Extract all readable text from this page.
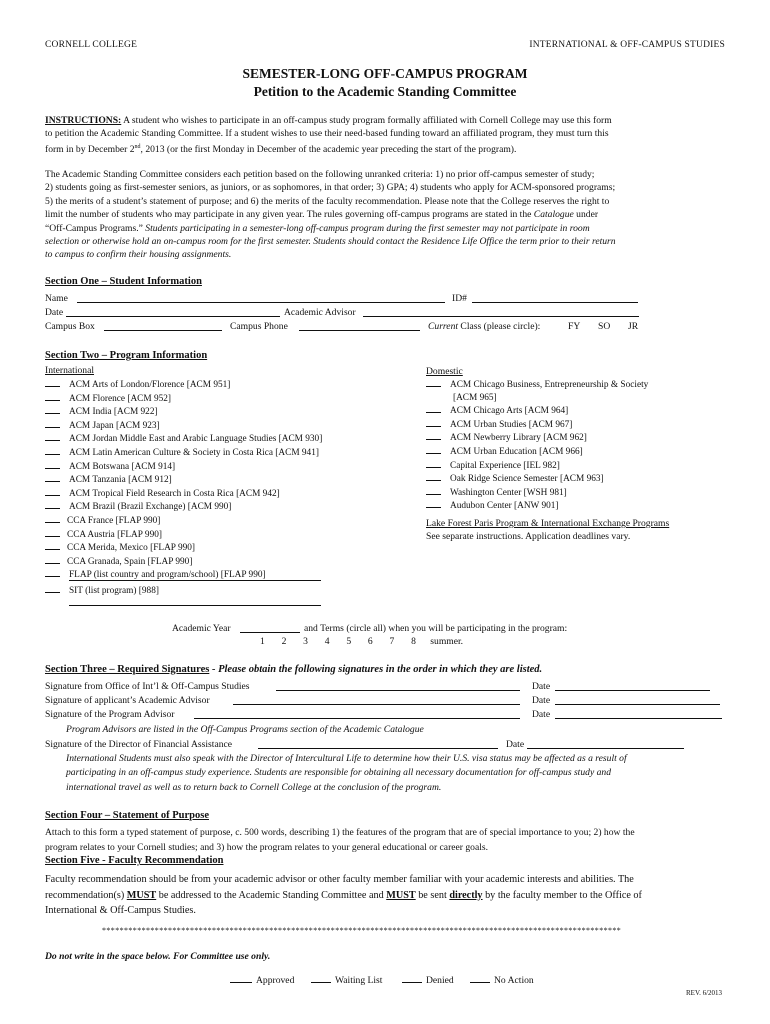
CORNELL COLLEGE	INTERNATIONAL & OFF-CAMPUS STUDIES
SEMESTER-LONG OFF-CAMPUS PROGRAM
Petition to the Academic Standing Committee
INSTRUCTIONS: A student who wishes to participate in an off-campus study program formally affiliated with Cornell College may use this form
to petition the Academic Standing Committee. If a student wishes to use their need-based funding toward an affiliated program, they must turn this
form in by December 2nd, 2013 (or the first Monday in December of the academic year preceding the start of the program).
The Academic Standing Committee considers each petition based on the following unranked criteria: 1) no prior off-campus semester of study;
2) students going as first-semester seniors, as juniors, or as sophomores, in that order; 3) GPA; 4) students who apply for ACM-sponsored programs;
5) the merits of a student’s statement of purpose; and 6) the merits of the faculty recommendation. Please note that the College reserves the right to
limit the number of students who may participate in any given year. The rules governing off-campus programs are stated in the Catalogue under
“Off-Campus Programs.” Students participating in a semester-long off-campus program during the first semester may not participate in room
selection or otherwise hold an on-campus room for the first semester. Students should contact the Residence Life Office the term prior to their return
to campus to confirm their housing assignments.
Section One – Student Information
Name	ID#
Date	Academic Advisor
Campus Box	Campus Phone	Current Class (please circle):	FY SO JR
Section Two – Program Information
International
ACM Arts of London/Florence [ACM 951]
ACM Florence [ACM 952]
ACM India [ACM 922]
ACM Japan [ACM 923]
ACM Jordan Middle East and Arabic Language Studies [ACM 930]
ACM Latin American Culture & Society in Costa Rica [ACM 941]
ACM Botswana [ACM 914]
ACM Tanzania [ACM 912]
ACM Tropical Field Research in Costa Rica [ACM 942]
ACM Brazil (Brazil Exchange) [ACM 990]
CCA France [FLAP 990]
CCA Austria [FLAP 990]
CCA Merida, Mexico [FLAP 990]
CCA Granada, Spain [FLAP 990]
FLAP (list country and program/school) [FLAP 990]
SIT (list program) [988]
Domestic
ACM Chicago Business, Entrepreneurship & Society
[ACM 965]
ACM Chicago Arts [ACM 964]
ACM Urban Studies [ACM 967]
ACM Newberry Library [ACM 962]
ACM Urban Education [ACM 966]
Capital Experience [IEL 982]
Oak Ridge Science Semester [ACM 963]
Washington Center [WSH 981]
Audubon Center [ANW 901]
Lake Forest Paris Program & International Exchange Programs
See separate instructions. Application deadlines vary.
Academic Year	and Terms (circle all) when you will be participating in the program:
1       2       3       4       5       6       7       8      summer.
Section Three – Required Signatures - Please obtain the following signatures in the order in which they are listed.
Signature from Office of Int’l & Off-Campus Studies	Date
Signature of applicant’s Academic Advisor	Date
Signature of the Program Advisor	Date
Program Advisors are listed in the Off-Campus Programs section of the Academic Catalogue
Signature of the Director of Financial Assistance	Date
International Students must also speak with the Director of Intercultural Life to determine how their U.S. visa status may be affected as a result of
participating in an off-campus study experience. Students are responsible for obtaining all necessary documentation for off-campus study and
international travel as well as to return back to Cornell College at the conclusion of the program.
Section Four – Statement of Purpose
Attach to this form a typed statement of purpose, c. 500 words, describing 1) the features of the program that are of special importance to you; 2) how the
program relates to your Cornell studies; and 3) how the program relates to your general educational or career goals.
Section Five - Faculty Recommendation
Faculty recommendation should be from your academic advisor or other faculty member familiar with your academic interests and abilities. The
recommendation(s) MUST be addressed to the Academic Standing Committee and MUST be sent directly by the faculty member to the Office of
International & Off-Campus Studies.
**********************************************************************************************************************
Do not write in the space below. For Committee use only.
Approved	Waiting List	Denied	No Action
REV. 6/2013
